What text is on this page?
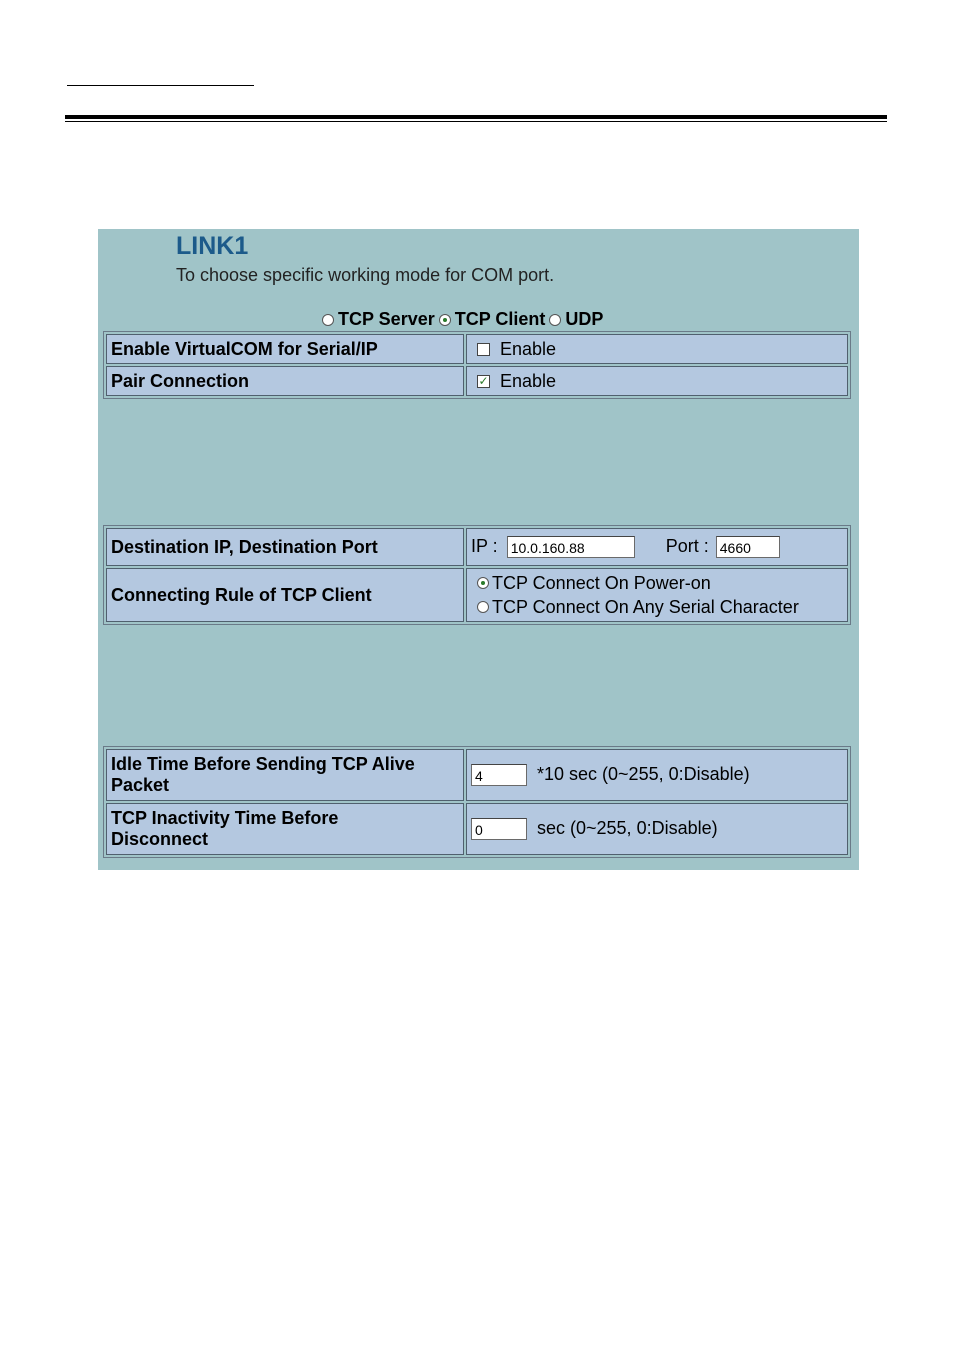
LINK1
To choose specific working mode for COM port.
TCP Server TCP Client UDP
Enable VirtualCOM for Serial/IP	Enable
Pair Connection	✓ Enable
Destination IP, Destination Port	IP : 10.0.160.88 Port : 4660
Connecting Rule of TCP Client	TCP Connect On Power-on
TCP Connect On Any Serial Character
Idle Time Before Sending TCP Alive
Packet	4 *10 sec (0~255, 0:Disable)

TCP Inactivity Time Before
Disconnect	0 sec (0~255, 0:Disable)
